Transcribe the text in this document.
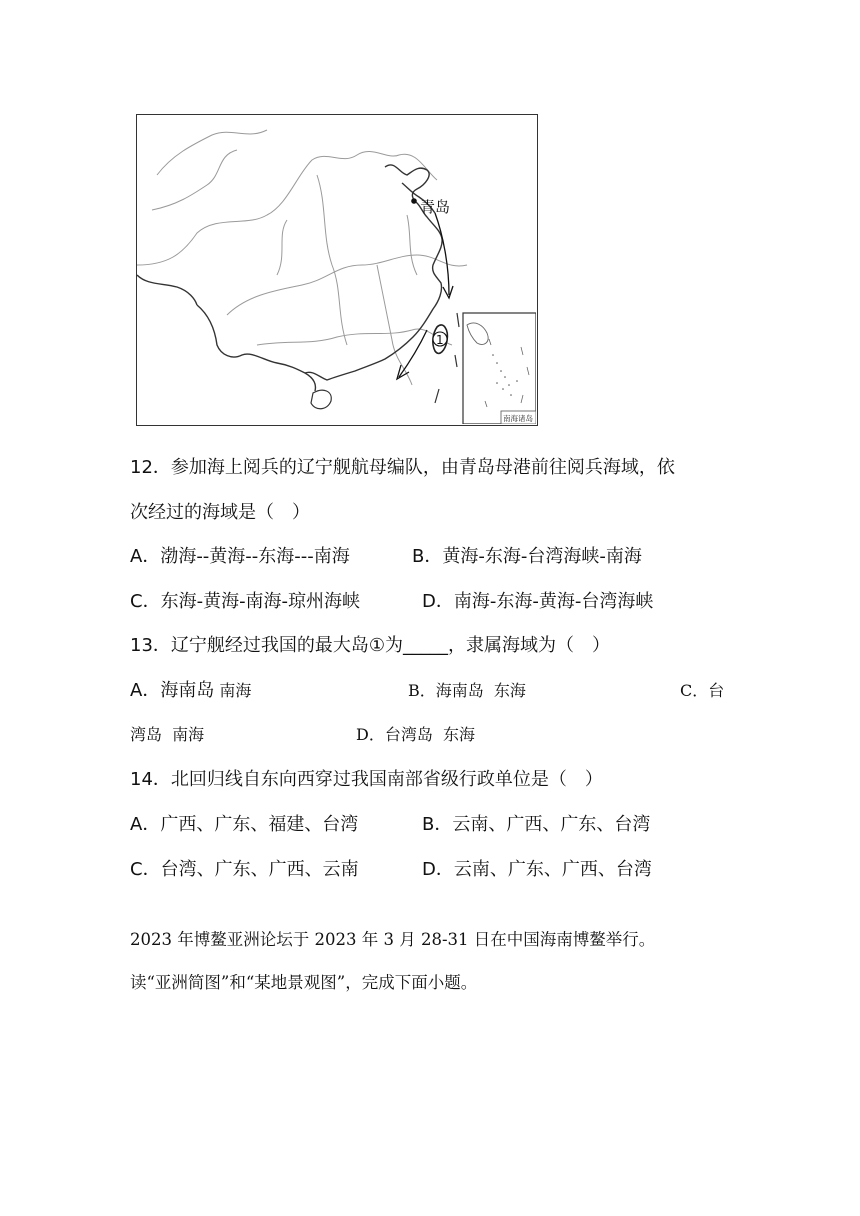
青岛
1
南海诸岛
12．参加海上阅兵的辽宁舰航母编队，由青岛母港前往阅兵海域，依
次经过的海域是（　）
A．渤海--黄海--东海---南海	B．黄海-东海-台湾海峡-南海
C．东海-黄海-南海-琼州海峡	D．南海-东海-黄海-台湾海峡
13．辽宁舰经过我国的最大岛①为_____，隶属海域为（　）
A．海南岛 南海	B．海南岛  东海	C．台
湾岛  南海	D．台湾岛  东海
14．北回归线自东向西穿过我国南部省级行政单位是（　）
A．广西、广东、福建、台湾	B．云南、广西、广东、台湾
C．台湾、广东、广西、云南	D．云南、广东、广西、台湾
2023 年博鳌亚洲论坛于 2023 年 3 月 28-31 日在中国海南博鳌举行。
读“亚洲简图”和“某地景观图”，完成下面小题。
